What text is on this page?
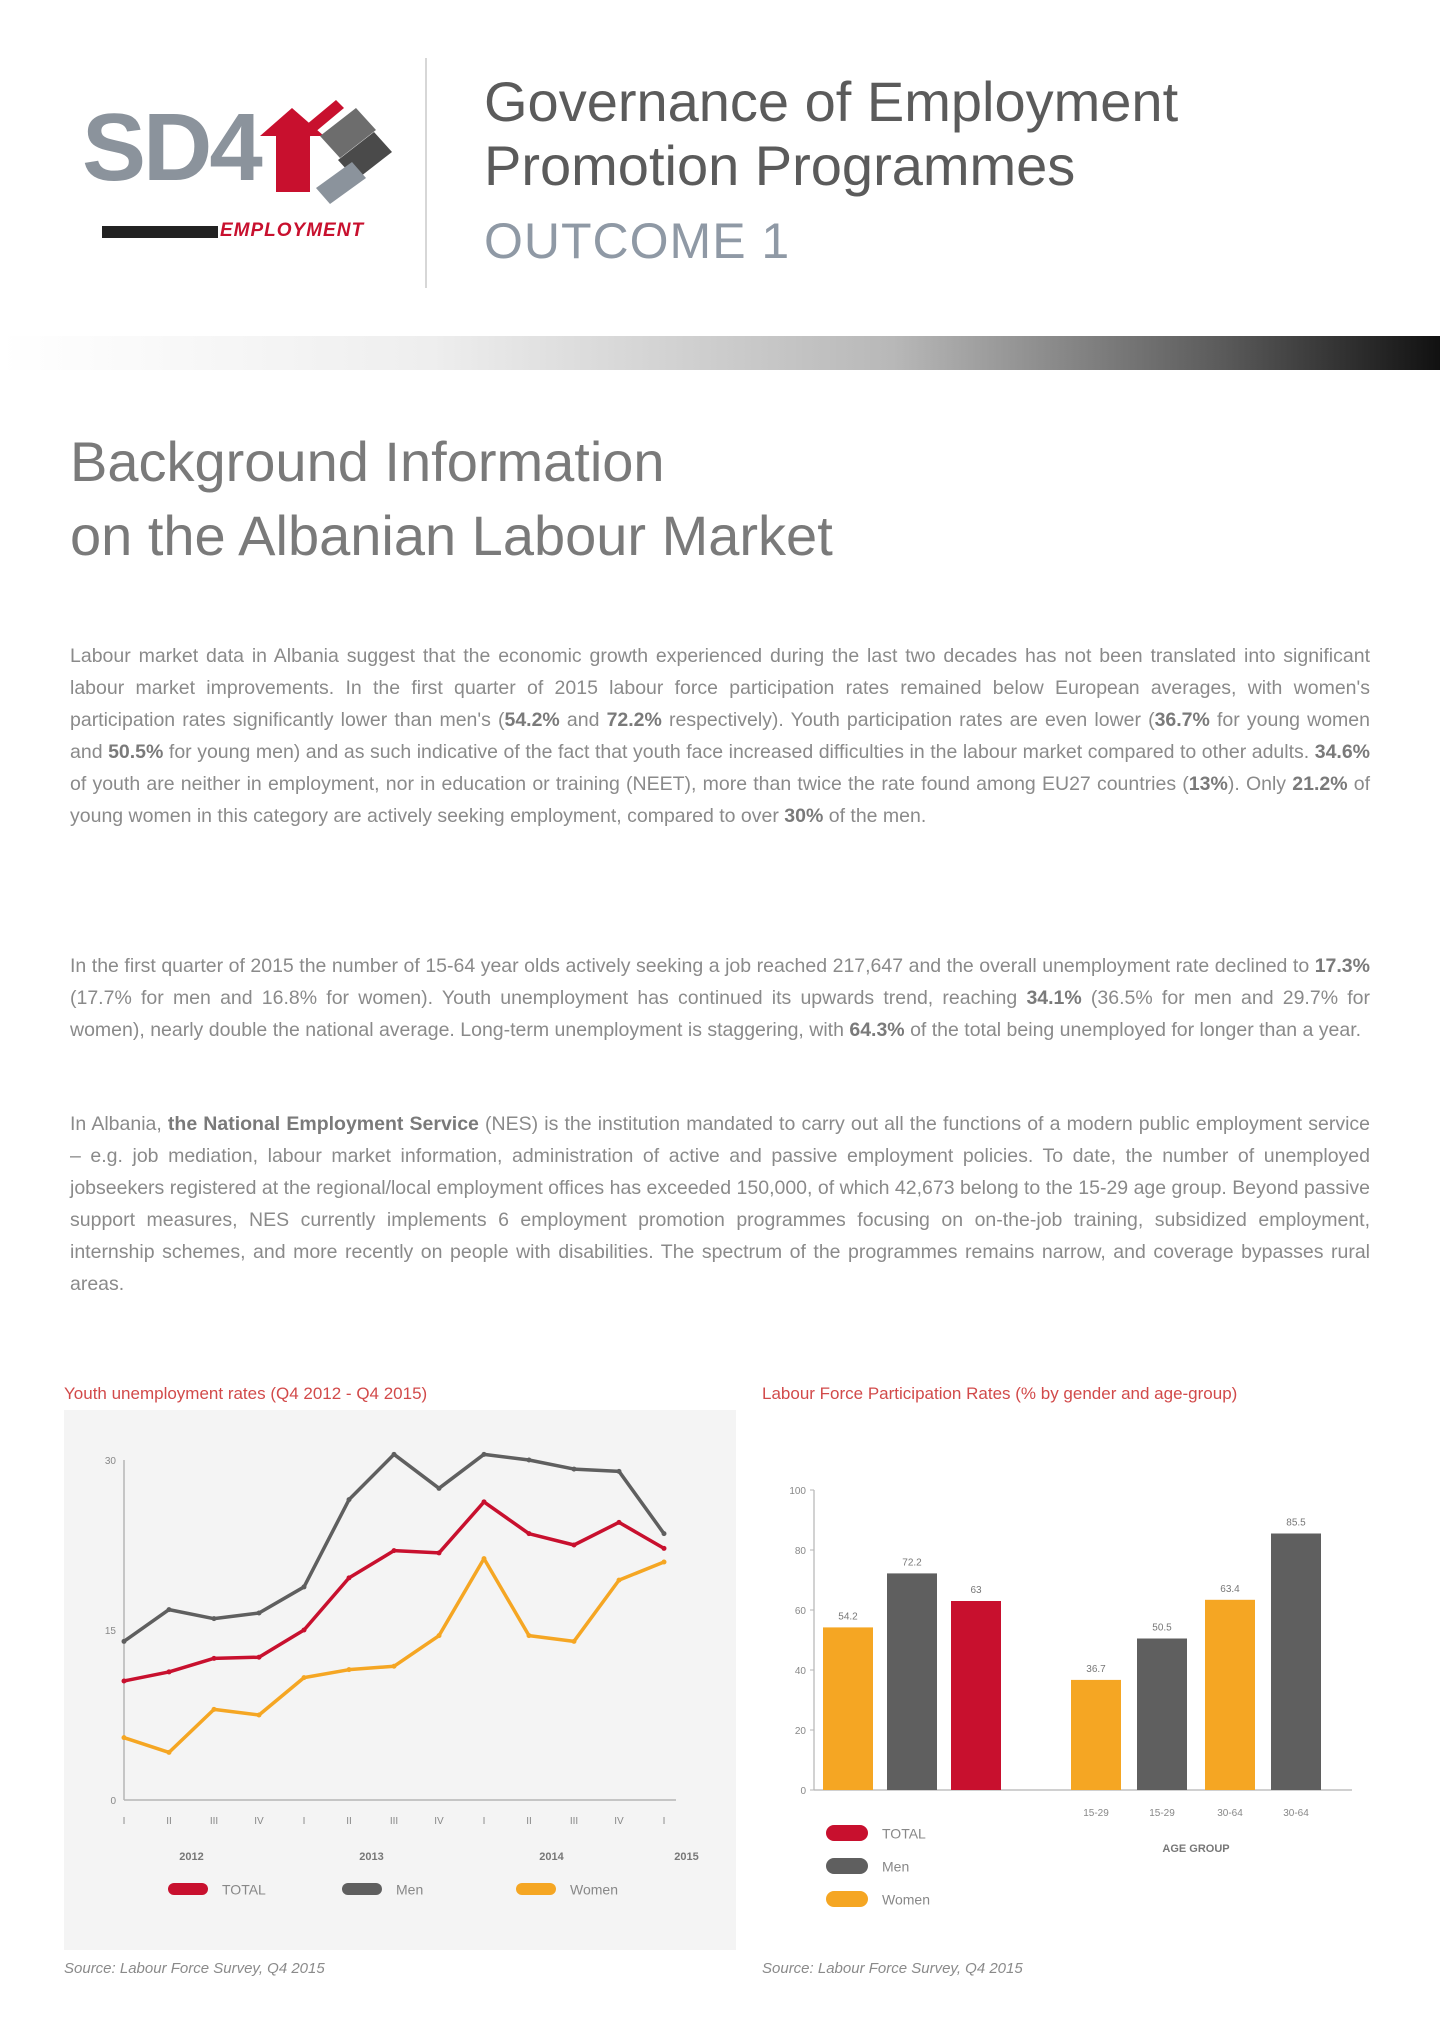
SD4
EMPLOYMENT
Governance of Employment
Promotion Programmes
OUTCOME 1
Background Information
on the Albanian Labour Market

Labour market data in Albania suggest that the economic growth experienced during the last two decades has not been translated into significant labour market improvements. In the first quarter of 2015 labour force participation rates remained below European averages, with women's participation rates significantly lower than men's (54.2% and 72.2% respectively). Youth participation rates are even lower (36.7% for young women and 50.5% for young men) and as such indicative of the fact that youth face increased difficulties in the labour market compared to other adults. 34.6% of youth are neither in employment, nor in education or training (NEET), more than twice the rate found among EU27 countries (13%). Only 21.2% of young women in this category are actively seeking employment, compared to over 30% of the men.

In the first quarter of 2015 the number of 15-64 year olds actively seeking a job reached 217,647 and the overall unemployment rate declined to 17.3% (17.7% for men and 16.8% for women). Youth unemployment has continued its upwards trend, reaching 34.1% (36.5% for men and 29.7% for women), nearly double the national average. Long-term unemployment is staggering, with 64.3% of the total being unemployed for longer than a year.

In Albania, the National Employment Service (NES) is the institution mandated to carry out all the functions of a modern public employment service – e.g. job mediation, labour market information, administration of active and passive employment policies. To date, the number of unemployed jobseekers registered at the regional/local employment offices has exceeded 150,000, of which 42,673 belong to the 15-29 age group. Beyond passive support measures, NES currently implements 6 employment promotion programmes focusing on on-the-job training, subsidized employment, internship schemes, and more recently on people with disabilities. The spectrum of the programmes remains narrow, and coverage bypasses rural areas.

Youth unemployment rates (Q4 2012 - Q4 2015)
0
15
30
I	II	III	IV	I	II	III	IV	I	II	III	IV	I
2012	2013	2014	2015
TOTAL	Men	Women
Source: Labour Force Survey, Q4 2015
Labour Force Participation Rates (% by gender and age-group)
0
20
40
60
80
100
54.2
72.2
63
36.7
15-29
50.5
15-29
63.4
30-64
85.5
30-64
AGE GROUP
TOTAL
Men
Women
Source: Labour Force Survey, Q4 2015
